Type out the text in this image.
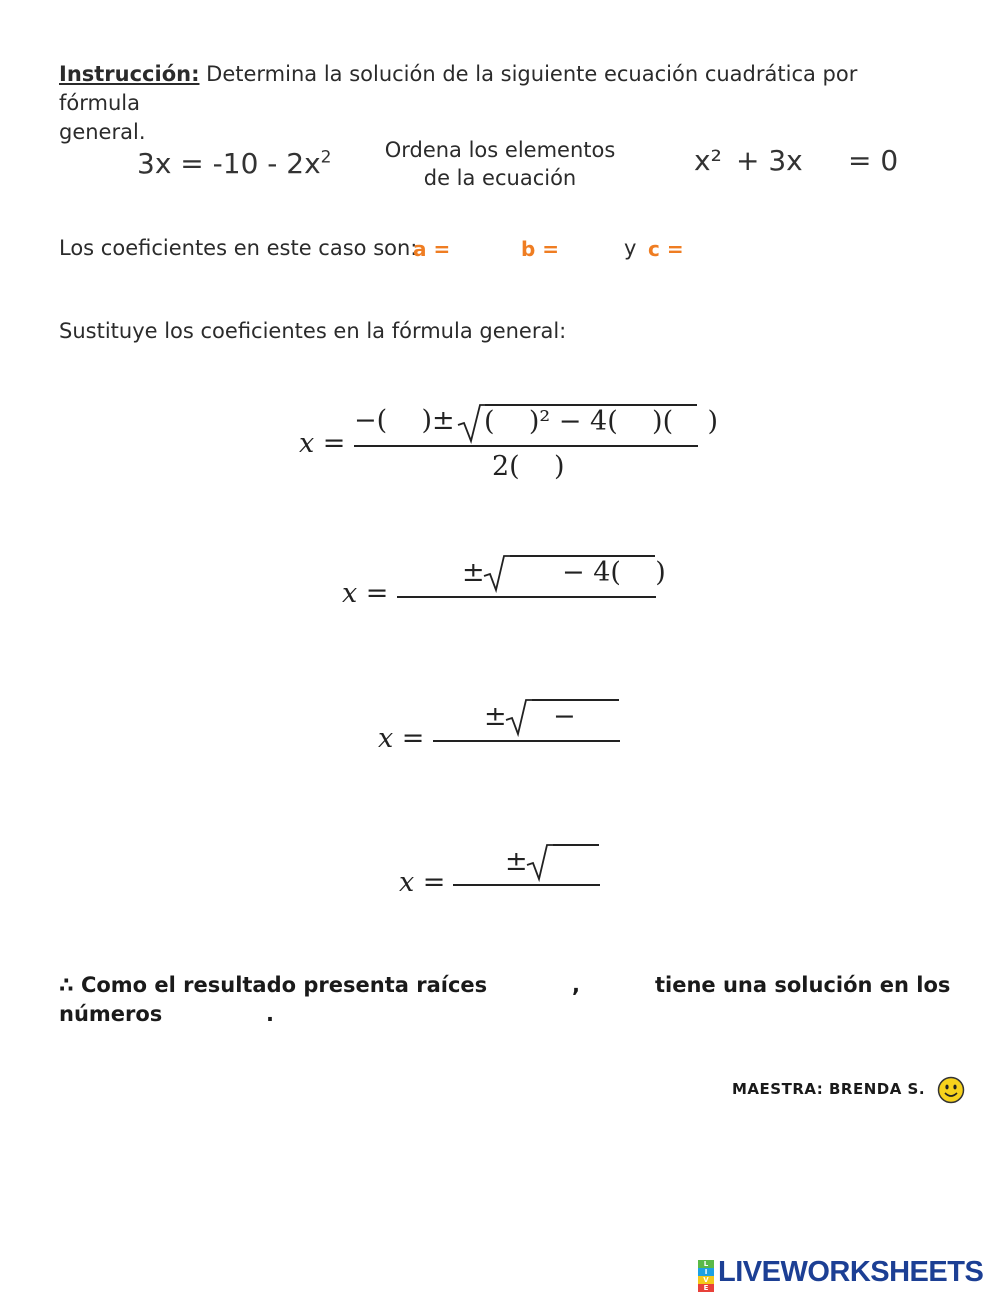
Instrucción: Determina la solución de la siguiente ecuación cuadrática por fórmula
general.
$3x = -10 - 2x^2$	Ordena los elementos
de la ecuación
x² + 3x = 0
Los coeficientes en este caso son:
a =	b =	y c =
Sustituye los coeficientes en la fórmula general:
x =
−(    ) ± (    )² − 4(    )(    )
2(    )
x =
±	− 4(    )
x =
± −
x =
±
∴ Como el resultado presenta raíces	,	tiene una solución en los
números	.
MAESTRA: BRENDA S.
L
I
V
E LIVEWORKSHEETS
